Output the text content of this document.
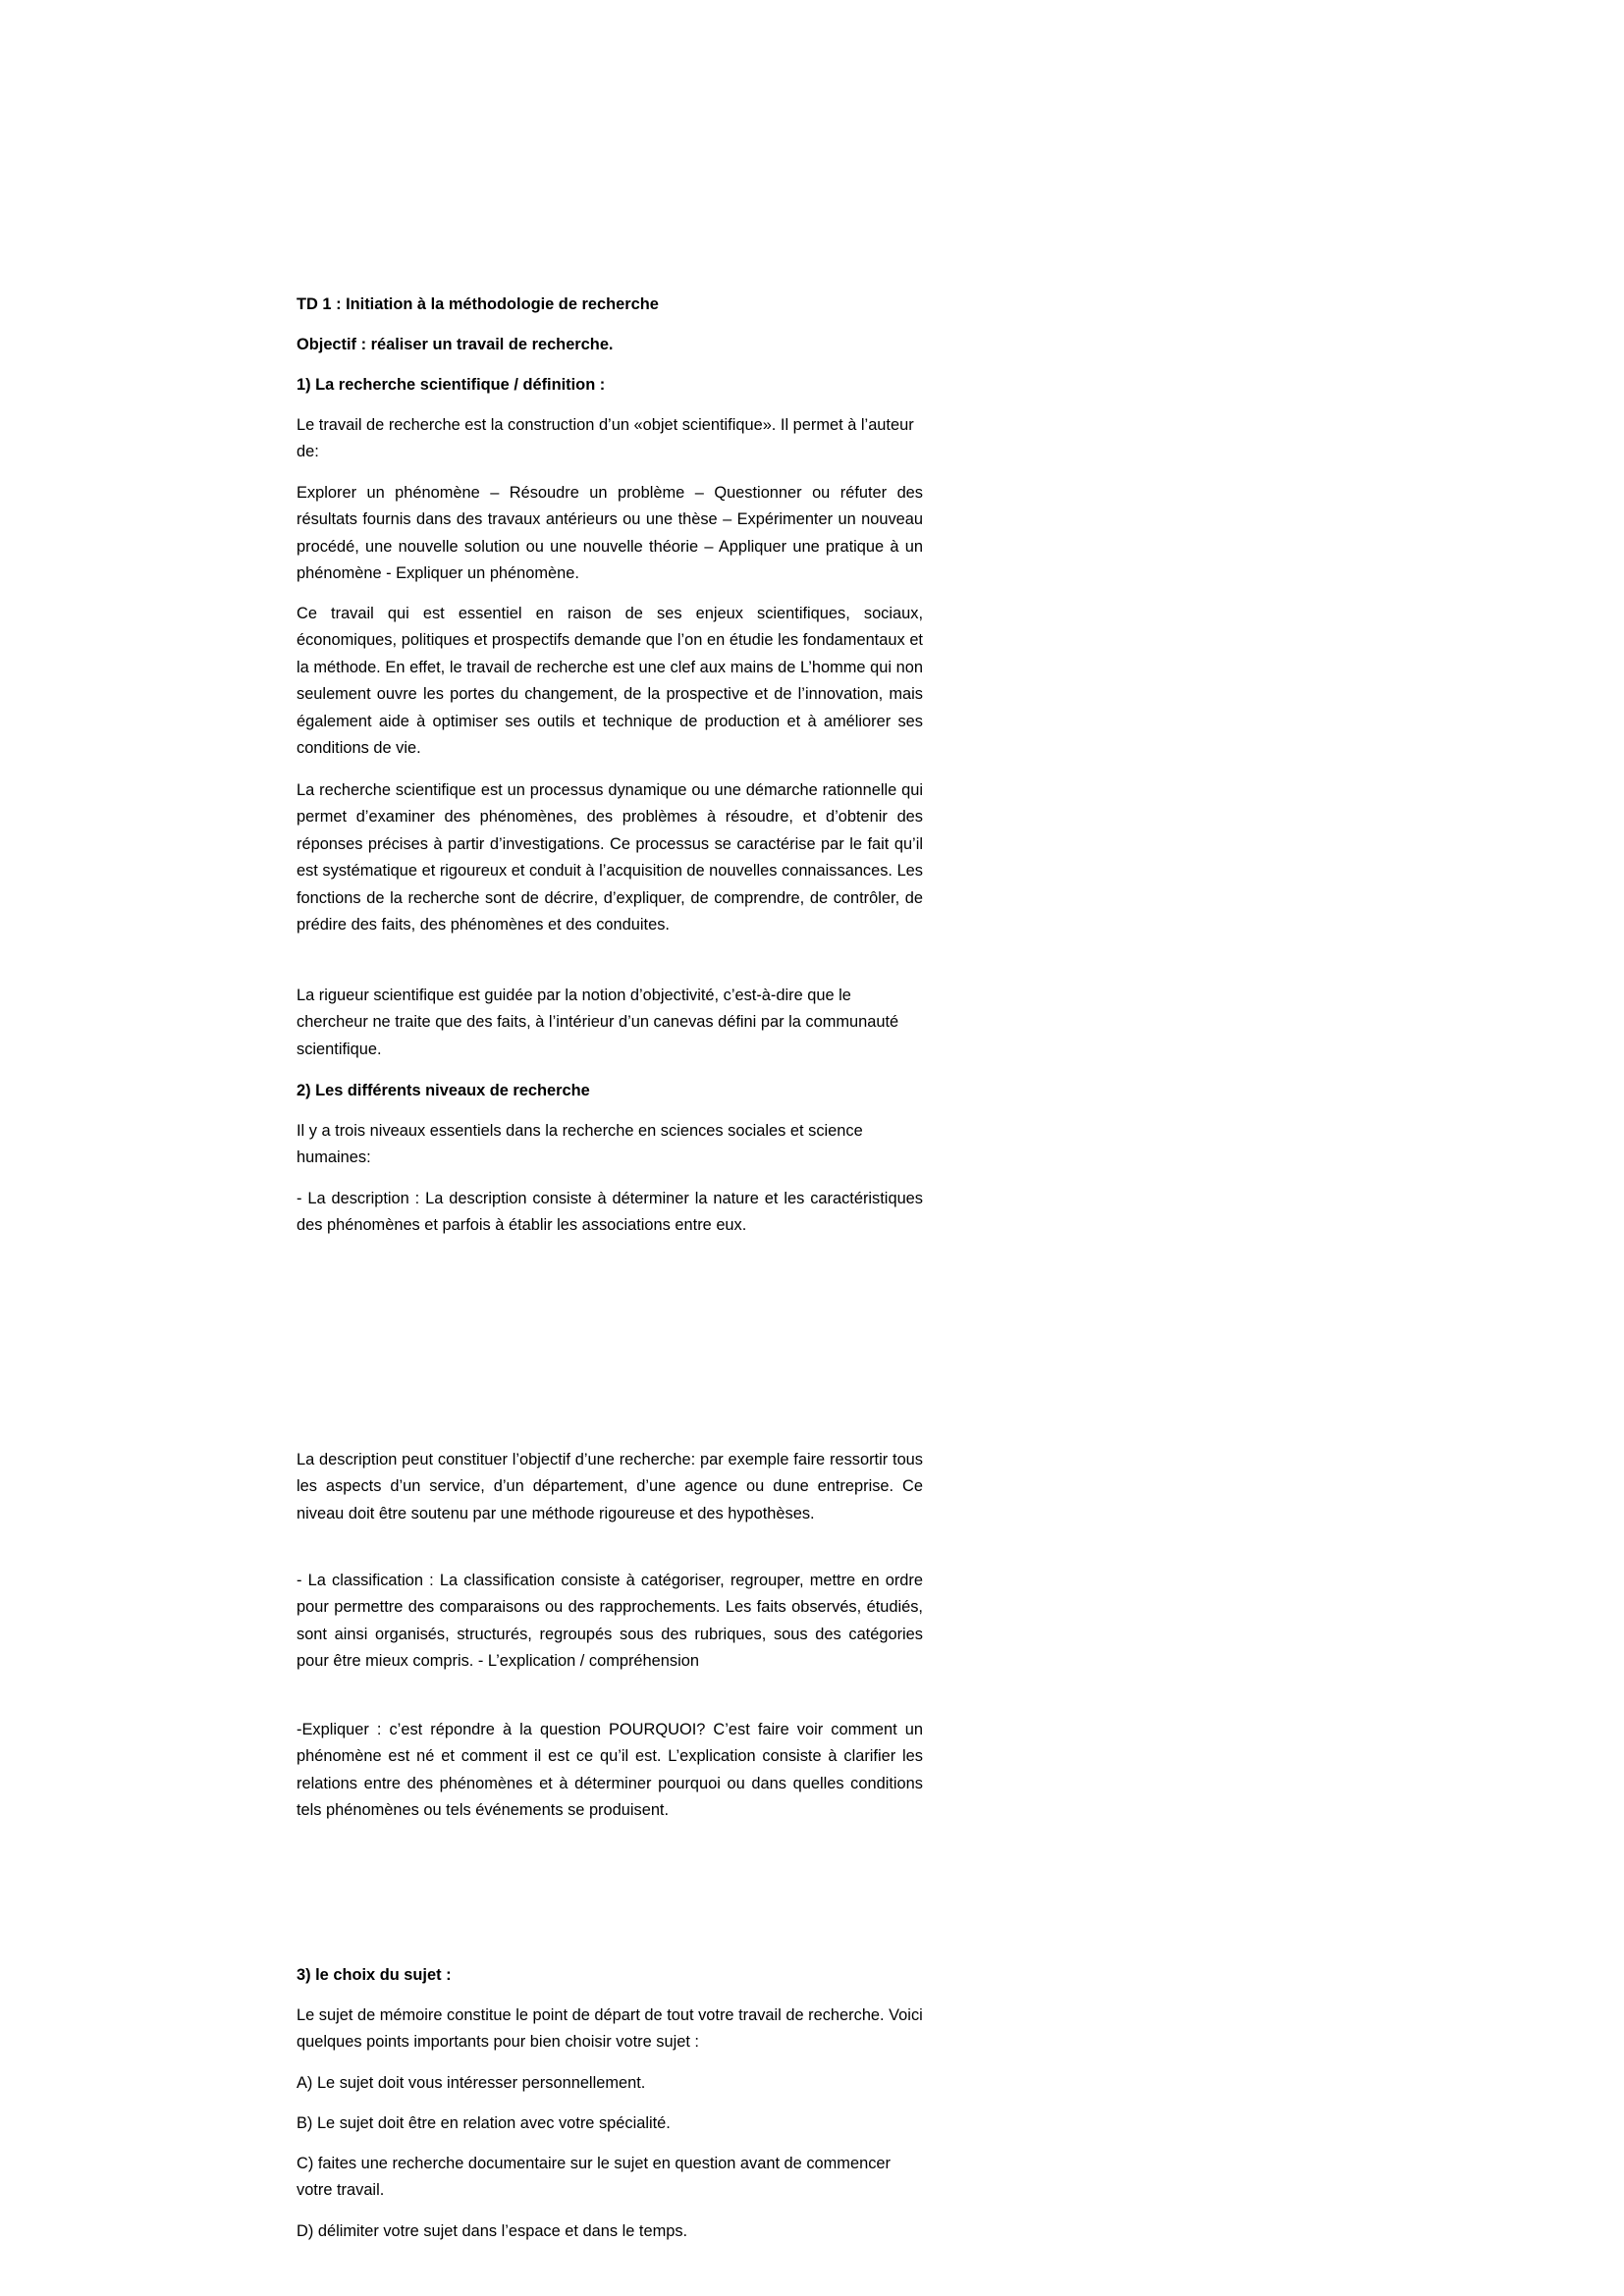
TD 1 : Initiation à la méthodologie de recherche

Objectif : réaliser un travail de recherche.

1) La recherche scientifique / définition :

Le travail de recherche est la construction d’un «objet scientifique». Il permet à l’auteur de:

Explorer un phénomène – Résoudre un problème – Questionner ou réfuter des résultats fournis dans des travaux antérieurs ou une thèse – Expérimenter un nouveau procédé, une nouvelle solution ou une nouvelle théorie – Appliquer une pratique à un phénomène - Expliquer un phénomène.

Ce travail qui est essentiel en raison de ses enjeux scientifiques, sociaux, économiques, politiques et prospectifs demande que l’on en étudie les fondamentaux et la méthode. En effet, le travail de recherche est une clef aux mains de L’homme qui non seulement ouvre les portes du changement, de la prospective et de l’innovation, mais également aide à optimiser ses outils et technique de production et à améliorer ses conditions de vie.

La recherche scientifique est un processus dynamique ou une démarche rationnelle qui permet d’examiner des phénomènes, des problèmes à résoudre, et d’obtenir des réponses précises à partir d’investigations. Ce processus se caractérise par le fait qu’il est systématique et rigoureux et conduit à l’acquisition de nouvelles connaissances. Les fonctions de la recherche sont de décrire, d’expliquer, de comprendre, de contrôler, de prédire des faits, des phénomènes et des conduites.

La rigueur scientifique est guidée par la notion d’objectivité, c’est-à-dire que le chercheur ne traite que des faits, à l’intérieur d’un canevas défini par la communauté scientifique.

2) Les différents niveaux de recherche

Il y a trois niveaux essentiels dans la recherche en sciences sociales et science humaines:

- La description : La description consiste à déterminer la nature et les caractéristiques des phénomènes et parfois à établir les associations entre eux.

La description peut constituer l’objectif d’une recherche: par exemple faire ressortir tous les aspects d’un service, d’un département, d’une agence ou dune entreprise. Ce niveau doit être soutenu par une méthode rigoureuse et des hypothèses.

- La classification : La classification consiste à catégoriser, regrouper, mettre en ordre pour permettre des comparaisons ou des rapprochements. Les faits observés, étudiés, sont ainsi organisés, structurés, regroupés sous des rubriques, sous des catégories pour être mieux compris. - L’explication / compréhension

-Expliquer : c’est répondre à la question POURQUOI? C’est faire voir comment un phénomène est né et comment il est ce qu’il est. L’explication consiste à clarifier les relations entre des phénomènes et à déterminer pourquoi ou dans quelles conditions tels phénomènes ou tels événements se produisent.

3) le choix du sujet :

Le sujet de mémoire constitue le point de départ de tout votre travail de recherche. Voici quelques points importants pour bien choisir votre sujet :

A) Le sujet doit vous intéresser personnellement.

B) Le sujet doit être en relation avec votre spécialité.

C) faites une recherche documentaire sur le sujet en question avant de commencer votre travail.

D) délimiter votre sujet dans l’espace et dans le temps.
